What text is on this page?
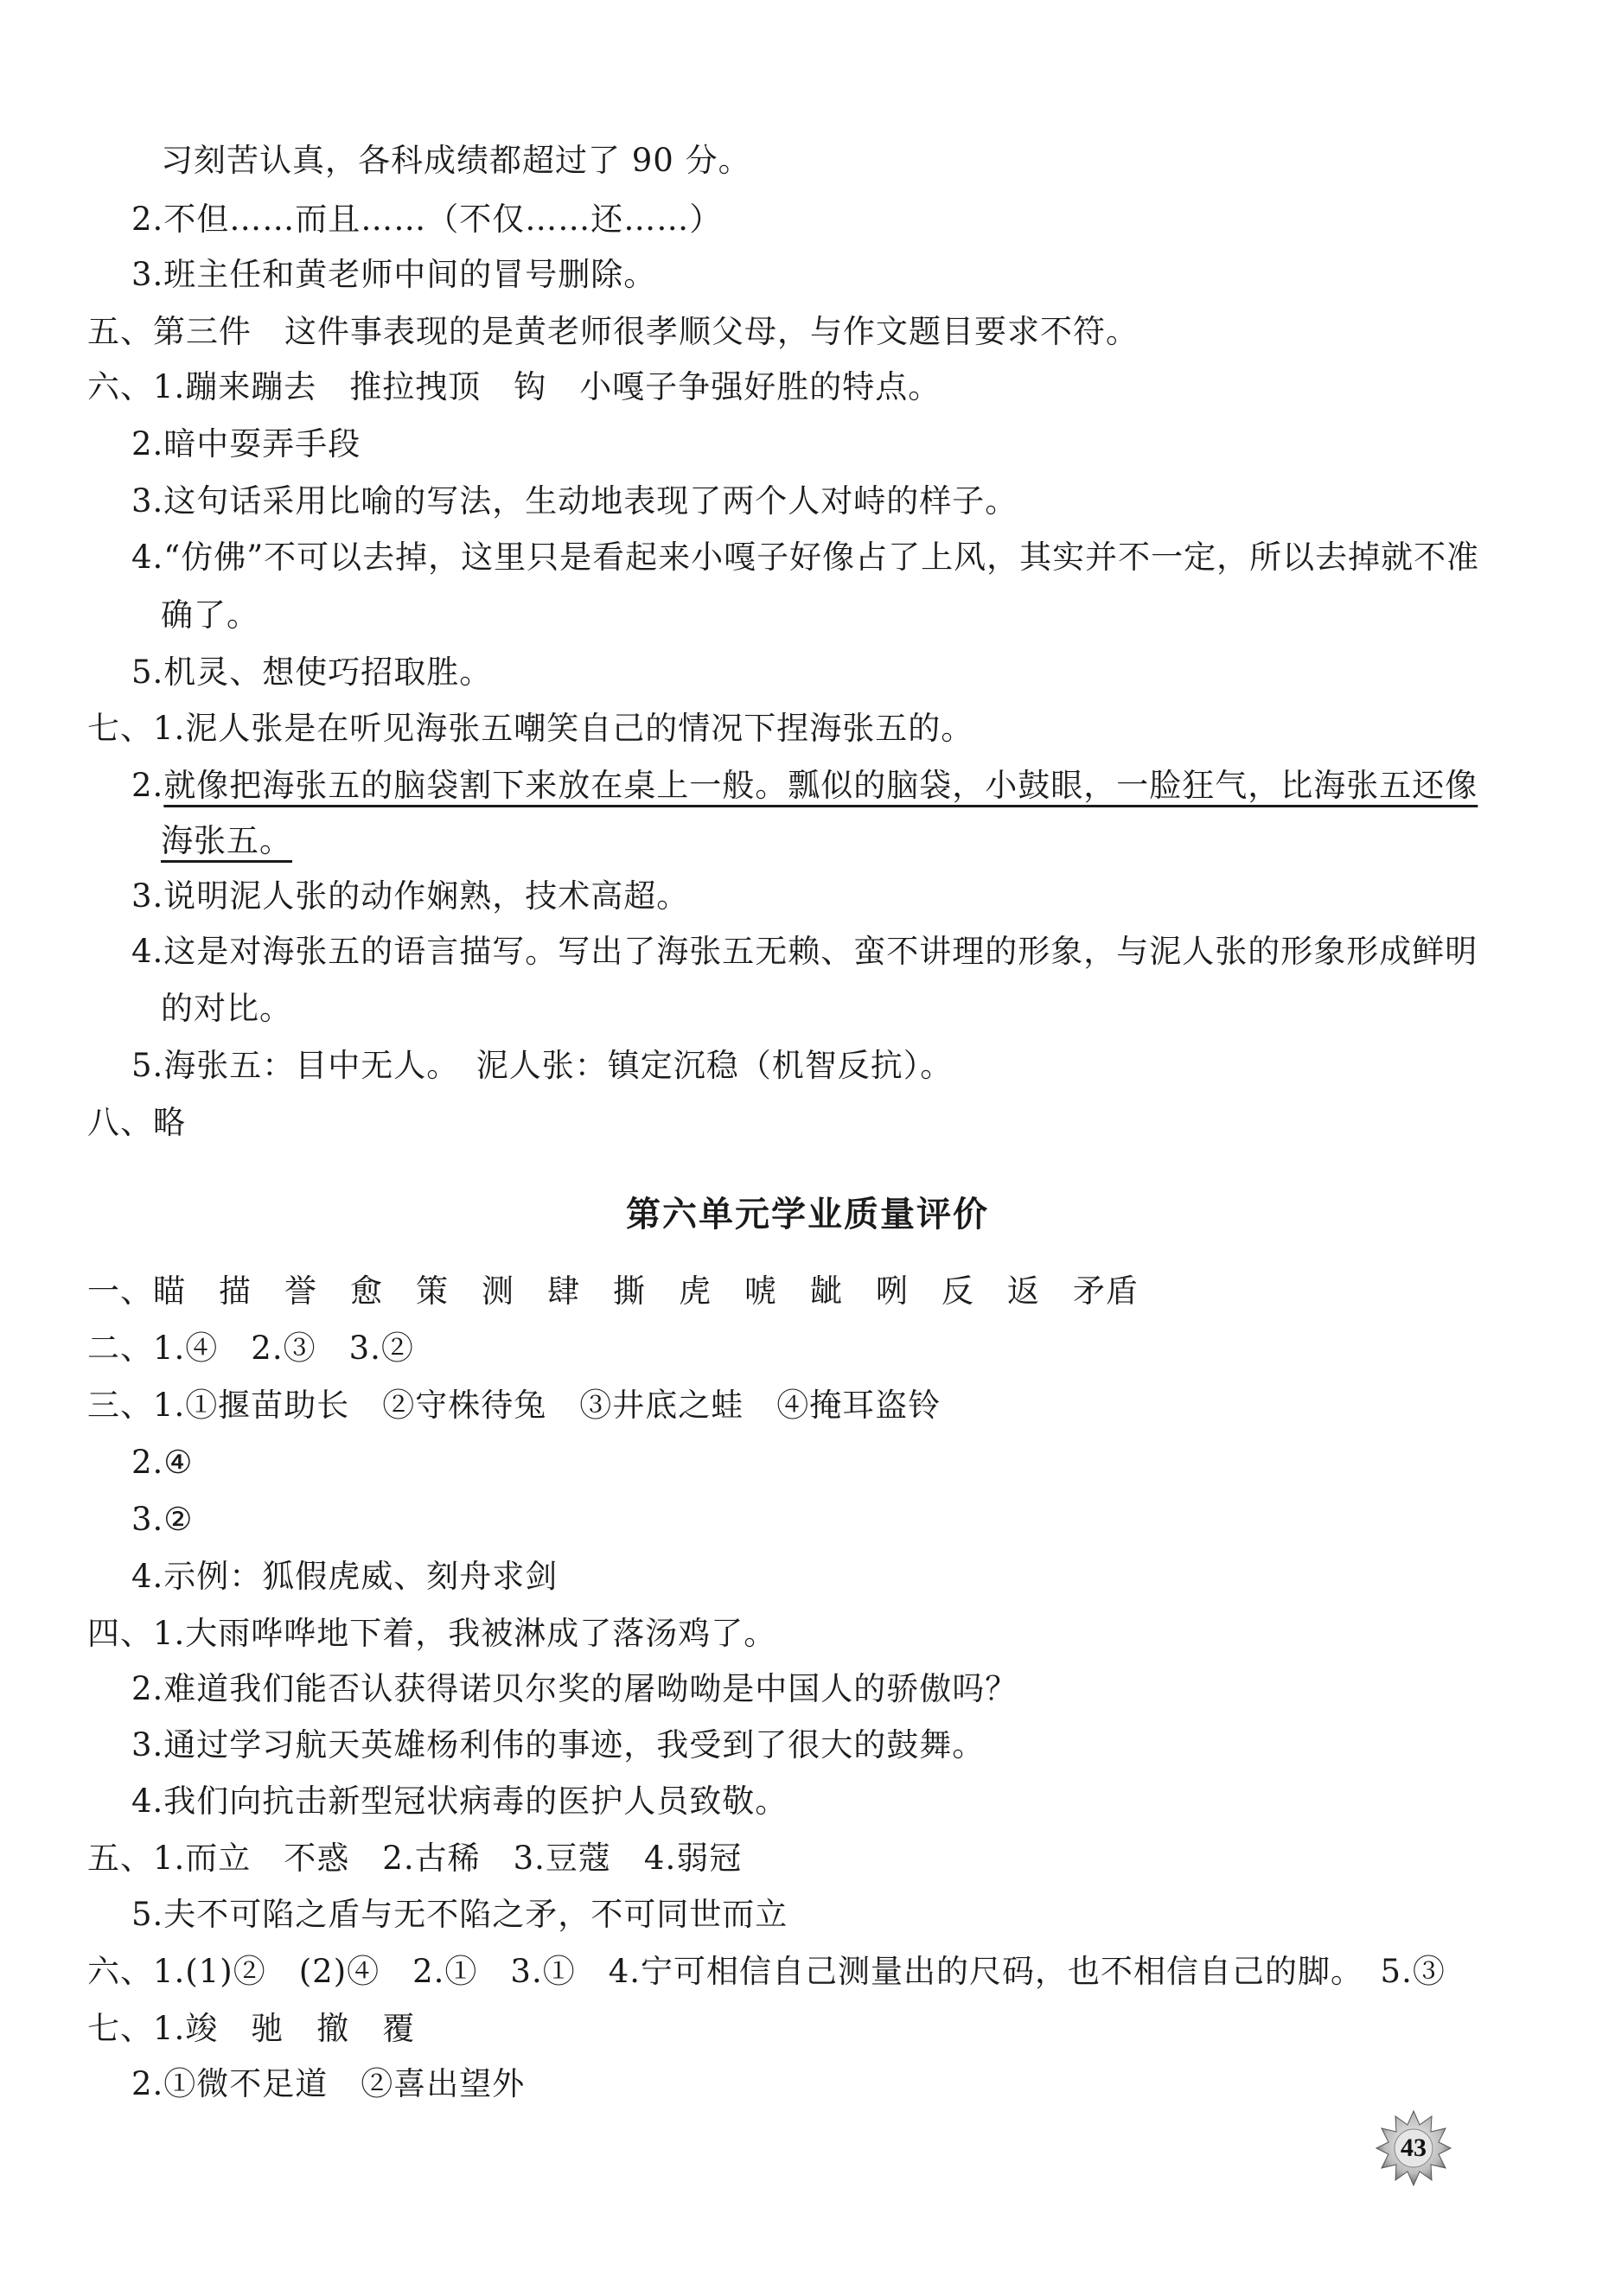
习刻苦认真，各科成绩都超过了 90 分。
2.不但……而且……（不仅……还……）
3.班主任和黄老师中间的冒号删除。
五、第三件　这件事表现的是黄老师很孝顺父母，与作文题目要求不符。
六、1.蹦来蹦去　推拉拽顶　钩　小嘎子争强好胜的特点。
2.暗中耍弄手段
3.这句话采用比喻的写法，生动地表现了两个人对峙的样子。
4.“仿佛”不可以去掉，这里只是看起来小嘎子好像占了上风，其实并不一定，所以去掉就不准
确了。
5.机灵、想使巧招取胜。
七、1.泥人张是在听见海张五嘲笑自己的情况下捏海张五的。
2.就像把海张五的脑袋割下来放在桌上一般。瓢似的脑袋，小鼓眼，一脸狂气，比海张五还像
海张五。
3.说明泥人张的动作娴熟，技术高超。
4.这是对海张五的语言描写。写出了海张五无赖、蛮不讲理的形象，与泥人张的形象形成鲜明
的对比。
5.海张五：目中无人。　泥人张：镇定沉稳（机智反抗）。
八、略
第六单元学业质量评价
一、瞄　描　誉　愈　策　测　肆　撕　虎　唬　龇　咧　反　返　矛盾
二、1.④　2.③　3.②
三、1.①揠苗助长　②守株待兔　③井底之蛙　④掩耳盗铃
2.④
3.②
4.示例：狐假虎威、刻舟求剑
四、1.大雨哗哗地下着，我被淋成了落汤鸡了。
2.难道我们能否认获得诺贝尔奖的屠呦呦是中国人的骄傲吗？
3.通过学习航天英雄杨利伟的事迹，我受到了很大的鼓舞。
4.我们向抗击新型冠状病毒的医护人员致敬。
五、1.而立　不惑　2.古稀　3.豆蔻　4.弱冠
5.夫不可陷之盾与无不陷之矛，不可同世而立
六、1.(1)②　(2)④　2.①　3.①　4.宁可相信自己测量出的尺码，也不相信自己的脚。　5.③
七、1.竣　驰　撤　覆
2.①微不足道　②喜出望外
43
